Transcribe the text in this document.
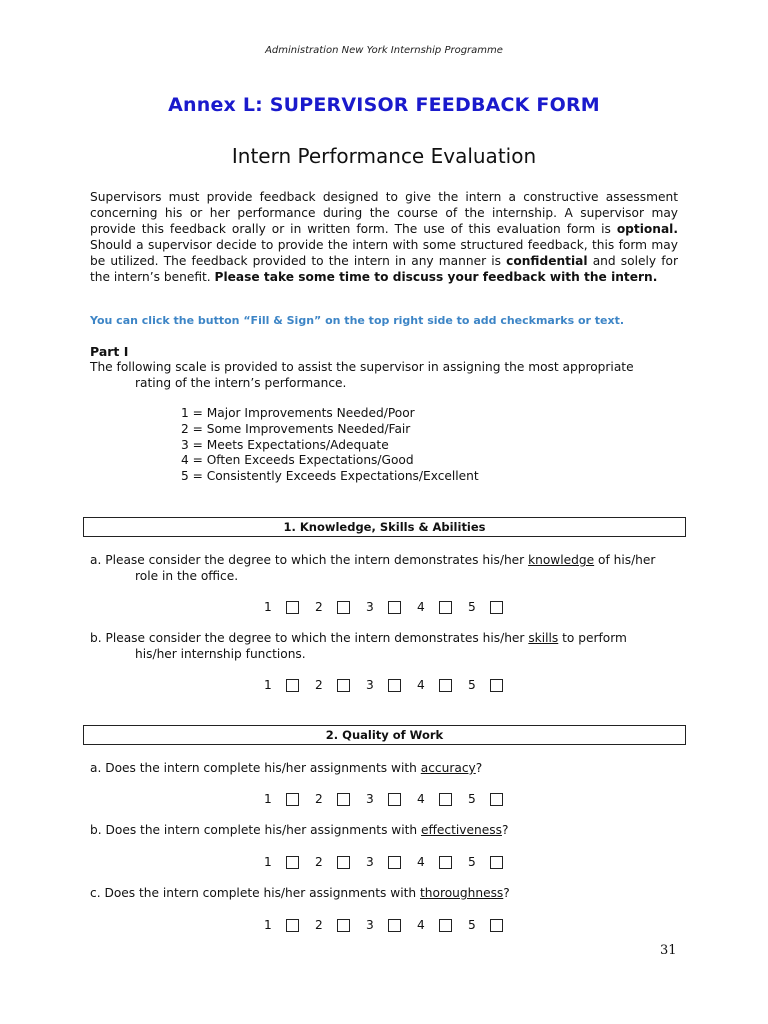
Administration New York Internship Programme
Annex L: SUPERVISOR FEEDBACK FORM
Intern Performance Evaluation
Supervisors must provide feedback designed to give the intern a constructive assessment concerning his or her performance during the course of the internship. A supervisor may provide this feedback orally or in written form. The use of this evaluation form is optional. Should a supervisor decide to provide the intern with some structured feedback, this form may be utilized. The feedback provided to the intern in any manner is confidential and solely for the intern’s benefit. Please take some time to discuss your feedback with the intern.
You can click the button “Fill & Sign” on the top right side to add checkmarks or text.
Part I
The following scale is provided to assist the supervisor in assigning the most appropriate
rating of the intern’s performance.
1 = Major Improvements Needed/Poor
2 = Some Improvements Needed/Fair
3 = Meets Expectations/Adequate
4 = Often Exceeds Expectations/Good
5 = Consistently Exceeds Expectations/Excellent
1. Knowledge, Skills & Abilities
a. Please consider the degree to which the intern demonstrates his/her knowledge of his/her
role in the office.
1	2	3	4	5
b. Please consider the degree to which the intern demonstrates his/her skills to perform
his/her internship functions.
1	2	3	4	5
2. Quality of Work
a. Does the intern complete his/her assignments with accuracy?
1	2	3	4	5
b. Does the intern complete his/her assignments with effectiveness?
1	2	3	4	5
c. Does the intern complete his/her assignments with thoroughness?
1	2	3	4	5
31
